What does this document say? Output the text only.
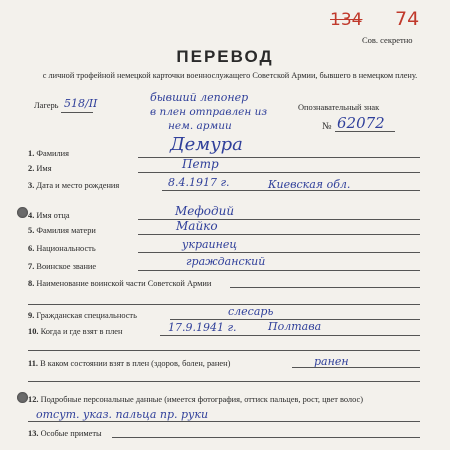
134 74
Сов. секретно
ПЕРЕВОД
с личной трофейной немецкой карточки военнослужащего Советской Армии, бывшего в немецком плену.
Лагерь 518/II	бывший лепонер
в плен отправлен из
нем. армии
Опознавательный знак
№ 62072
1. Фамилия	Демура
2. Имя	Петр
3. Дата и место рождения	8.4.1917 г.	Киевская обл.
4. Имя отца	Мефодий
5. Фамилия матери	Майко
6. Национальность	украинец
7. Воинское звание	гражданский
8. Наименование воинской части Советской Армии
9. Гражданская специальность	слесарь
10. Когда и где взят в плен	17.9.1941 г.	Полтава
11. В каком состоянии взят в плен (здоров, болен, ранен)	ранен
12. Подробные персональные данные (имеется фотография, оттиск пальцев, рост, цвет волос)
отсут. указ. пальца пр. руки
13. Особые приметы
